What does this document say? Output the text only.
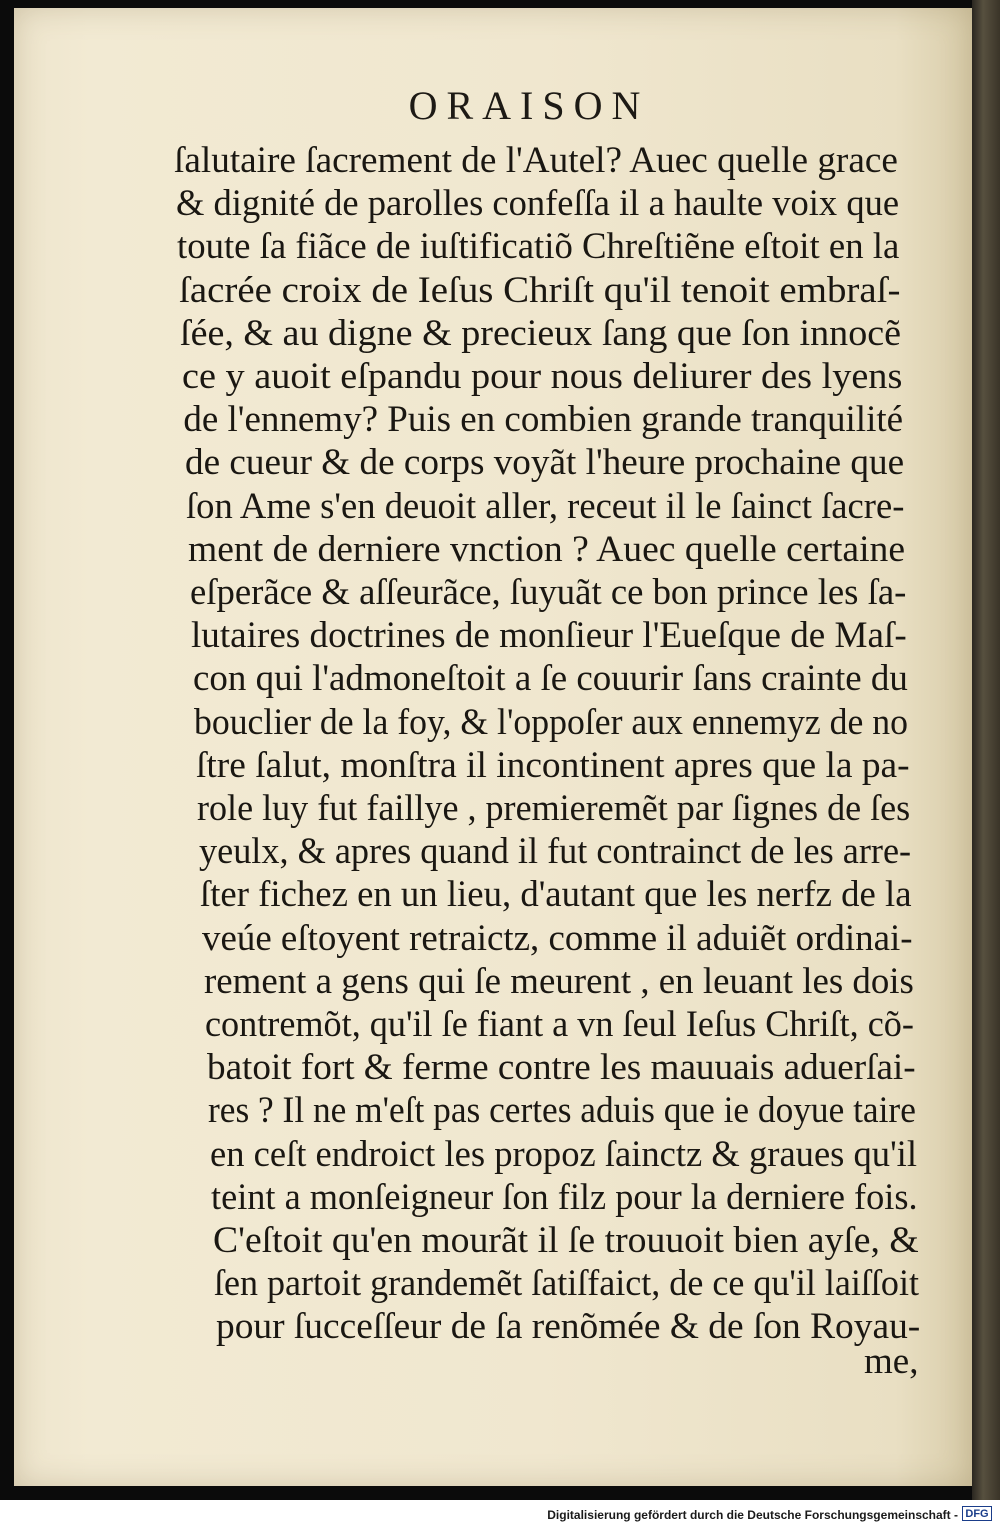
ORAISON
ſalutaire ſacrement de l'Autel? Auec quelle grace
& dignité de parolles confeſſa il a haulte voix que
toute ſa fiãce de iuſtificatiõ Chreſtiẽne eſtoit en la
ſacrée croix de Ieſus Chriſt qu'il tenoit embraſ-
ſée, & au digne & precieux ſang que ſon innocẽ
ce y auoit eſpandu pour nous deliurer des lyens
de l'ennemy? Puis en combien grande tranquilité
de cueur & de corps voyãt l'heure prochaine que
ſon Ame s'en deuoit aller, receut il le ſainct ſacre-
ment de derniere vnction ? Auec quelle certaine
eſperãce & aſſeurãce, ſuyuãt ce bon prince les ſa-
lutaires doctrines de monſieur l'Eueſque de Maſ-
con qui l'admoneſtoit a ſe couurir ſans crainte du
bouclier de la foy, & l'oppoſer aux ennemyz de no
ſtre ſalut, monſtra il incontinent apres que la pa-
role luy fut faillye , premieremẽt par ſignes de ſes
yeulx, & apres quand il fut contrainct de les arre-
ſter fichez en un lieu, d'autant que les nerfz de la
veúe eſtoyent retraictz, comme il aduiẽt ordinai-
rement a gens qui ſe meurent , en leuant les dois
contremõt, qu'il ſe fiant a vn ſeul Ieſus Chriſt, cõ-
batoit fort & ferme contre les mauuais aduerſai-
res ? Il ne m'eſt pas certes aduis que ie doyue taire
en ceſt endroict les propoz ſainctz & graues qu'il
teint a monſeigneur ſon filz pour la derniere fois.
C'eſtoit qu'en mourãt il ſe trouuoit bien ayſe, &
ſen partoit grandemẽt ſatiſfaict, de ce qu'il laiſſoit
pour ſucceſſeur de ſa renõmée & de ſon Royau-
me,
Digitalisierung gefördert durch die Deutsche Forschungsgemeinschaft - DFG
